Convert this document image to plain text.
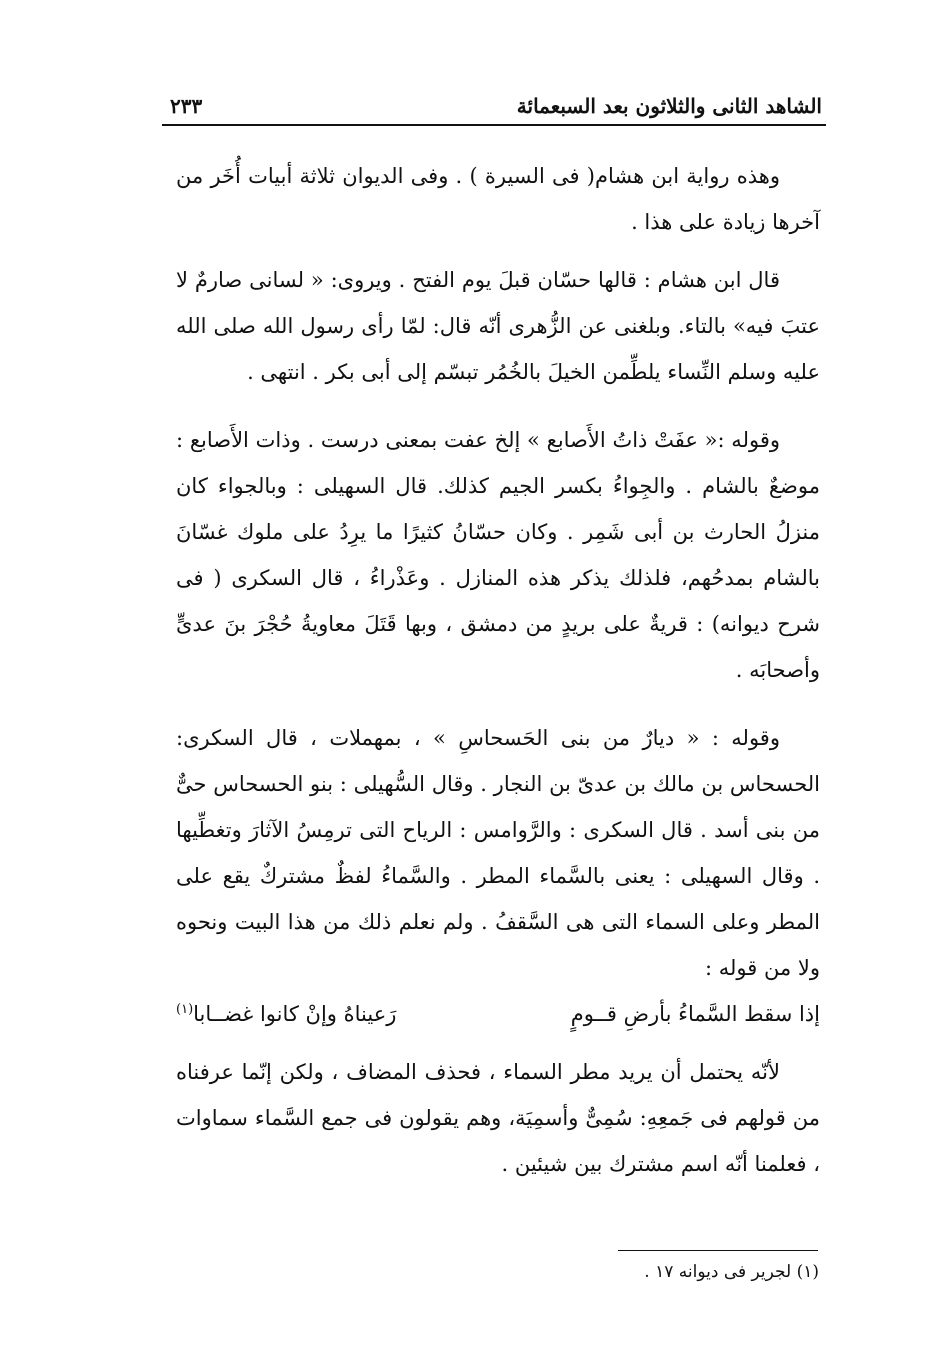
الشاهد الثانى والثلاثون بعد السبعمائة
٢٣٣

وهذه رواية ابن هشام( فى السيرة ) . وفى الديوان ثلاثة أبيات أُخَر من آخرها زيادة على هذا .

قال ابن هشام : قالها حسّان قبلَ يوم الفتح . ويروى: « لسانى صارمٌ لا عتبَ فيه» بالتاء. وبلغنى عن الزُّهرى أنّه قال: لمّا رأى رسول الله صلى الله عليه وسلم النِّساء يلطِّمن الخيلَ بالخُمُر تبسّم إلى أبى بكر . انتهى .

وقوله :« عفَتْ ذاتُ الأَصابع » إلخ عفت بمعنى درست . وذات الأَصابع : موضعٌ بالشام . والجِواءُ بكسر الجيم كذلك. قال السهيلى : وبالجواء كان منزلُ الحارث بن أبى شَمِر . وكان حسّانُ كثيرًا ما يرِدُ على ملوك غسّانَ بالشام بمدحُهم، فلذلك يذكر هذه المنازل . وعَذْراءُ ، قال السكرى ( فى شرح ديوانه) : قريةٌ على بريدٍ من دمشق ، وبها قَتَلَ معاويةُ حُجْرَ بنَ عدىٍّ وأصحابَه .

وقوله : « ديارٌ من بنى الحَسحاسِ » ، بمهملات ، قال السكرى: الحسحاس بن مالك بن عدىّ بن النجار . وقال السُّهيلى : بنو الحسحاس حىٌّ من بنى أسد . قال السكرى : والرَّوامس : الرياح التى ترمِسُ الآثارَ وتغطِّيها . وقال السهيلى : يعنى بالسَّماء المطر . والسَّماءُ لفظٌ مشتركٌ يقع على المطر وعلى السماء التى هى السَّقفُ . ولم نعلم ذلك من هذا البيت ونحوه ولا من قوله :

إذا سقط السَّماءُ بأرضِ قــومٍ
رَعيناهُ وإنْ كانوا غضــابا$^{(١)}$

لأنّه يحتمل أن يريد مطر السماء ، فحذف المضاف ، ولكن إنّما عرفناه من قولهم فى جَمعِهِ: سُمِىٌّ وأسمِيَة، وهم يقولون فى جمع السَّماء سماوات ، فعلمنا أنّه اسم مشترك بين شيئين .

(١) لجرير فى ديوانه ١٧ .
